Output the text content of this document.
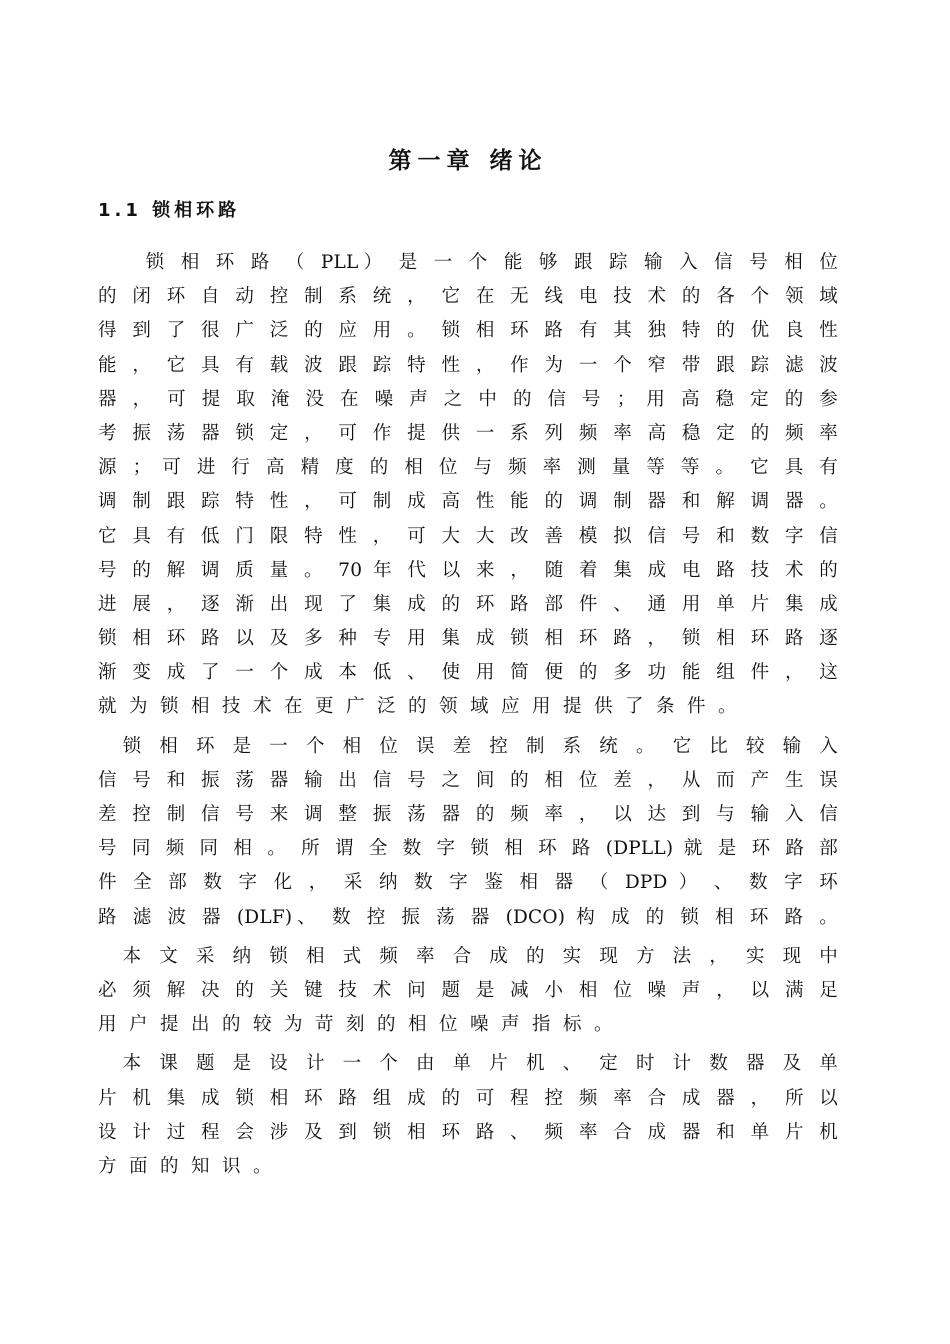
第一章 绪论
1.1 锁相环路
　　锁 相 环 路 （ PLL） 是 一 个 能 够 跟 踪 输 入 信 号 相 位
的 闭 环 自 动 控 制 系 统 ， 它 在 无 线 电 技 术 的 各 个 领 域
得 到 了 很 广 泛 的 应 用 。 锁 相 环 路 有 其 独 特 的 优 良 性
能 ， 它 具 有 载 波 跟 踪 特 性 ， 作 为 一 个 窄 带 跟 踪 滤 波
器 ， 可 提 取 淹 没 在 噪 声 之 中 的 信 号 ； 用 高 稳 定 的 参
考 振 荡 器 锁 定 ， 可 作 提 供 一 系 列 频 率 高 稳 定 的 频 率
源 ； 可 进 行 高 精 度 的 相 位 与 频 率 测 量 等 等 。 它 具 有
调 制 跟 踪 特 性 ， 可 制 成 高 性 能 的 调 制 器 和 解 调 器 。
它 具 有 低 门 限 特 性 ， 可 大 大 改 善 模 拟 信 号 和 数 字 信
号 的 解 调 质 量 。 70 年 代 以 来 ， 随 着 集 成 电 路 技 术 的
进 展 ， 逐 渐 出 现 了 集 成 的 环 路 部 件 、 通 用 单 片 集 成
锁 相 环 路 以 及 多 种 专 用 集 成 锁 相 环 路 ， 锁 相 环 路 逐
渐 变 成 了 一 个 成 本 低 、 使 用 简 便 的 多 功 能 组 件 ， 这
就为锁相技术在更广泛的领域应用提供了条件。
　锁 相 环 是 一 个 相 位 误 差 控 制 系 统 。 它 比 较 输 入
信 号 和 振 荡 器 输 出 信 号 之 间 的 相 位 差 ， 从 而 产 生 误
差 控 制 信 号 来 调 整 振 荡 器 的 频 率 ， 以 达 到 与 输 入 信
号 同 频 同 相 。 所 谓 全 数 字 锁 相 环 路 (DPLL) 就 是 环 路 部
件 全 部 数 字 化 ， 采 纳 数 字 鉴 相 器 （ DPD ） 、 数 字 环
路 滤 波 器 (DLF)、 数 控 振 荡 器 (DCO) 构 成 的 锁 相 环 路 。
　本 文 采 纳 锁 相 式 频 率 合 成 的 实 现 方 法 ， 实 现 中
必 须 解 决 的 关 键 技 术 问 题 是 减 小 相 位 噪 声 ， 以 满 足
用户提出的较为苛刻的相位噪声指标。
　本 课 题 是 设 计 一 个 由 单 片 机 、 定 时 计 数 器 及 单
片 机 集 成 锁 相 环 路 组 成 的 可 程 控 频 率 合 成 器 ， 所 以
设 计 过 程 会 涉 及 到 锁 相 环 路 、 频 率 合 成 器 和 单 片 机
方面的知识。
